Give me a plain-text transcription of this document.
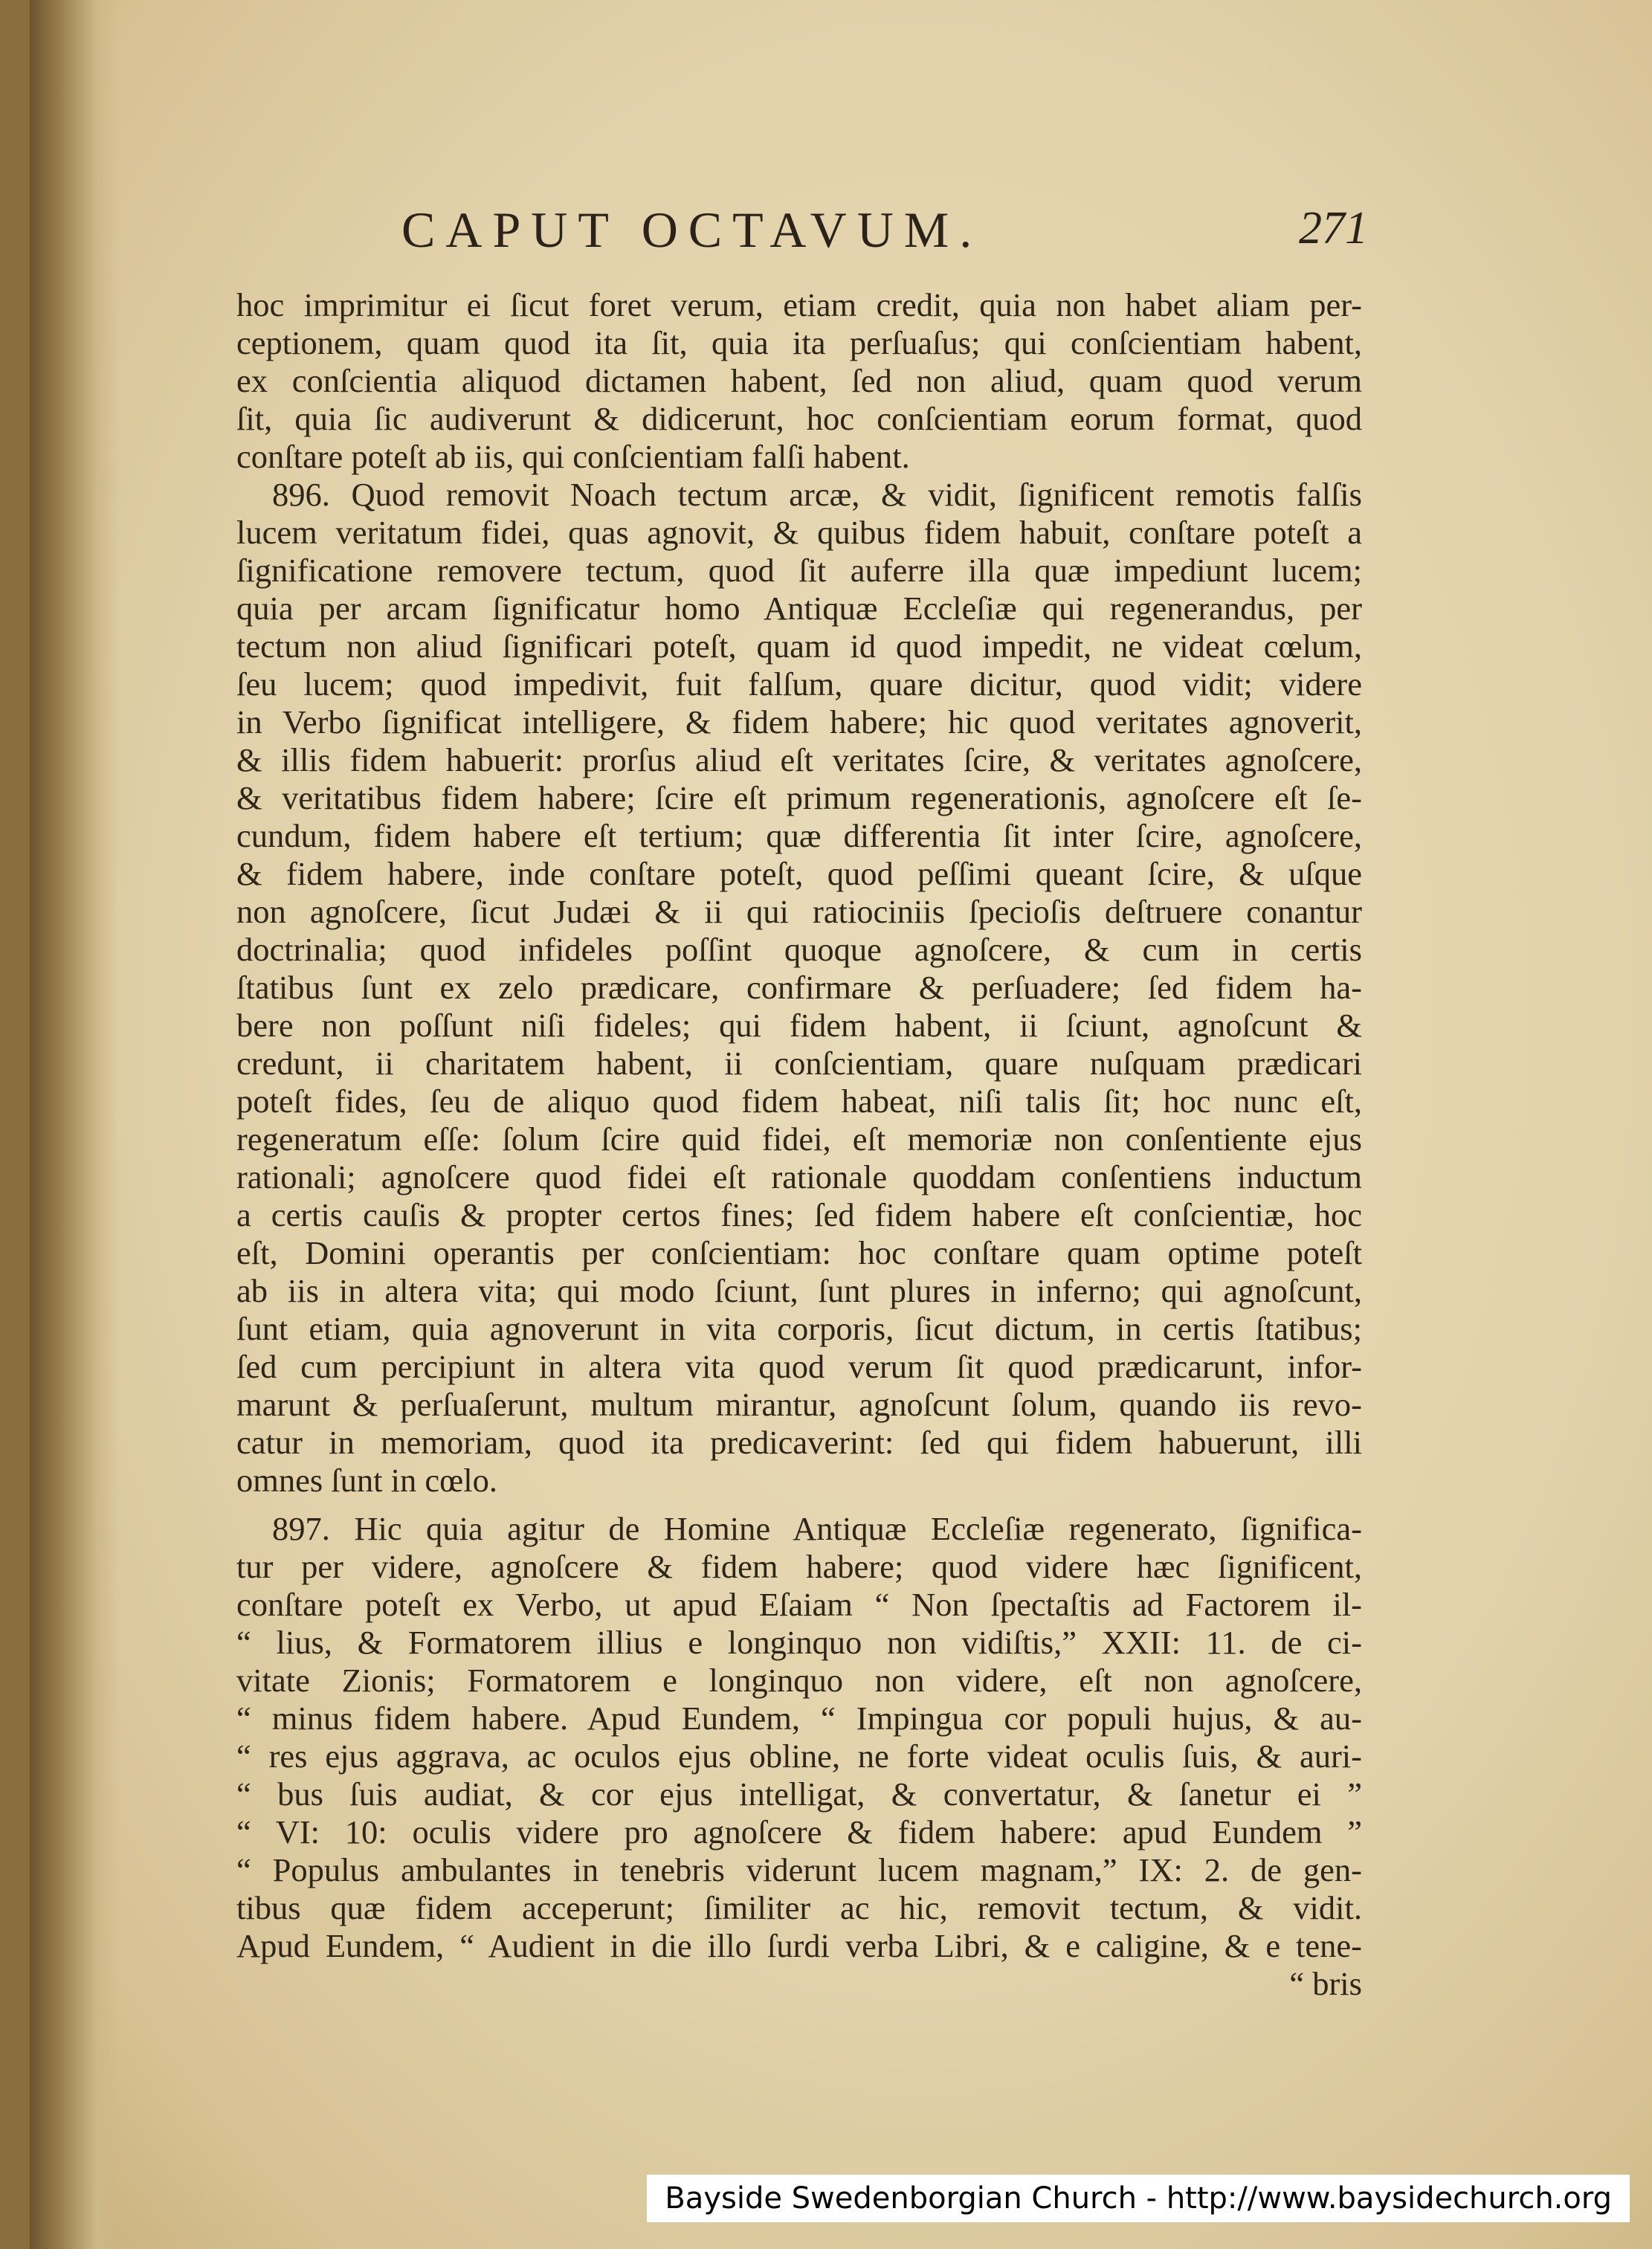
CAPUT OCTAVUM.	271
hoc imprimitur ei ſicut foret verum, etiam credit, quia non habet aliam per-
ceptionem, quam quod ita ſit, quia ita perſuaſus; qui conſcientiam habent,
ex conſcientia aliquod dictamen habent, ſed non aliud, quam quod verum
ſit, quia ſic audiverunt & didicerunt, hoc conſcientiam eorum format, quod
conſtare poteſt ab iis, qui conſcientiam falſi habent.
896. Quod removit Noach tectum arcæ, & vidit, ſignificent remotis falſis
lucem veritatum fidei, quas agnovit, & quibus fidem habuit, conſtare poteſt a
ſignificatione removere tectum, quod ſit auferre illa quæ impediunt lucem;
quia per arcam ſignificatur homo Antiquæ Eccleſiæ qui regenerandus, per
tectum non aliud ſignificari poteſt, quam id quod impedit, ne videat cœlum,
ſeu lucem; quod impedivit, fuit falſum, quare dicitur, quod vidit; videre
in Verbo ſignificat intelligere, & fidem habere; hic quod veritates agnoverit,
& illis fidem habuerit: prorſus aliud eſt veritates ſcire, & veritates agnoſcere,
& veritatibus fidem habere; ſcire eſt primum regenerationis, agnoſcere eſt ſe-
cundum, fidem habere eſt tertium; quæ differentia ſit inter ſcire, agnoſcere,
& fidem habere, inde conſtare poteſt, quod peſſimi queant ſcire, & uſque
non agnoſcere, ſicut Judæi & ii qui ratiociniis ſpecioſis deſtruere conantur
doctrinalia; quod infideles poſſint quoque agnoſcere, & cum in certis
ſtatibus ſunt ex zelo prædicare, confirmare & perſuadere; ſed fidem ha-
bere non poſſunt niſi fideles; qui fidem habent, ii ſciunt, agnoſcunt &
credunt, ii charitatem habent, ii conſcientiam, quare nuſquam prædicari
poteſt fides, ſeu de aliquo quod fidem habeat, niſi talis ſit; hoc nunc eſt,
regeneratum eſſe: ſolum ſcire quid fidei, eſt memoriæ non conſentiente ejus
rationali; agnoſcere quod fidei eſt rationale quoddam conſentiens inductum
a certis cauſis & propter certos fines; ſed fidem habere eſt conſcientiæ, hoc
eſt, Domini operantis per conſcientiam: hoc conſtare quam optime poteſt
ab iis in altera vita; qui modo ſciunt, ſunt plures in inferno; qui agnoſcunt,
ſunt etiam, quia agnoverunt in vita corporis, ſicut dictum, in certis ſtatibus;
ſed cum percipiunt in altera vita quod verum ſit quod prædicarunt, infor-
marunt & perſuaſerunt, multum mirantur, agnoſcunt ſolum, quando iis revo-
catur in memoriam, quod ita predicaverint: ſed qui fidem habuerunt, illi
omnes ſunt in cœlo.
897. Hic quia agitur de Homine Antiquæ Eccleſiæ regenerato, ſignifica-
tur per videre, agnoſcere & fidem habere; quod videre hæc ſignificent,
conſtare poteſt ex Verbo, ut apud Eſaiam “ Non ſpectaſtis ad Factorem il-
“ lius, & Formatorem illius e longinquo non vidiſtis,” XXII: 11. de ci-
vitate Zionis; Formatorem e longinquo non videre, eſt non agnoſcere,
“ minus fidem habere. Apud Eundem, “ Impingua cor populi hujus, & au-
“ res ejus aggrava, ac oculos ejus obline, ne forte videat oculis ſuis, & auri-
“ bus ſuis audiat, & cor ejus intelligat, & convertatur, & ſanetur ei ”
“ VI: 10: oculis videre pro agnoſcere & fidem habere: apud Eundem ”
“ Populus ambulantes in tenebris viderunt lucem magnam,” IX: 2. de gen-
tibus quæ fidem acceperunt; ſimiliter ac hic, removit tectum, & vidit.
Apud Eundem, “ Audient in die illo ſurdi verba Libri, & e caligine, & e tene-
“ bris
Bayside Swedenborgian Church - http://www.baysidechurch.org
